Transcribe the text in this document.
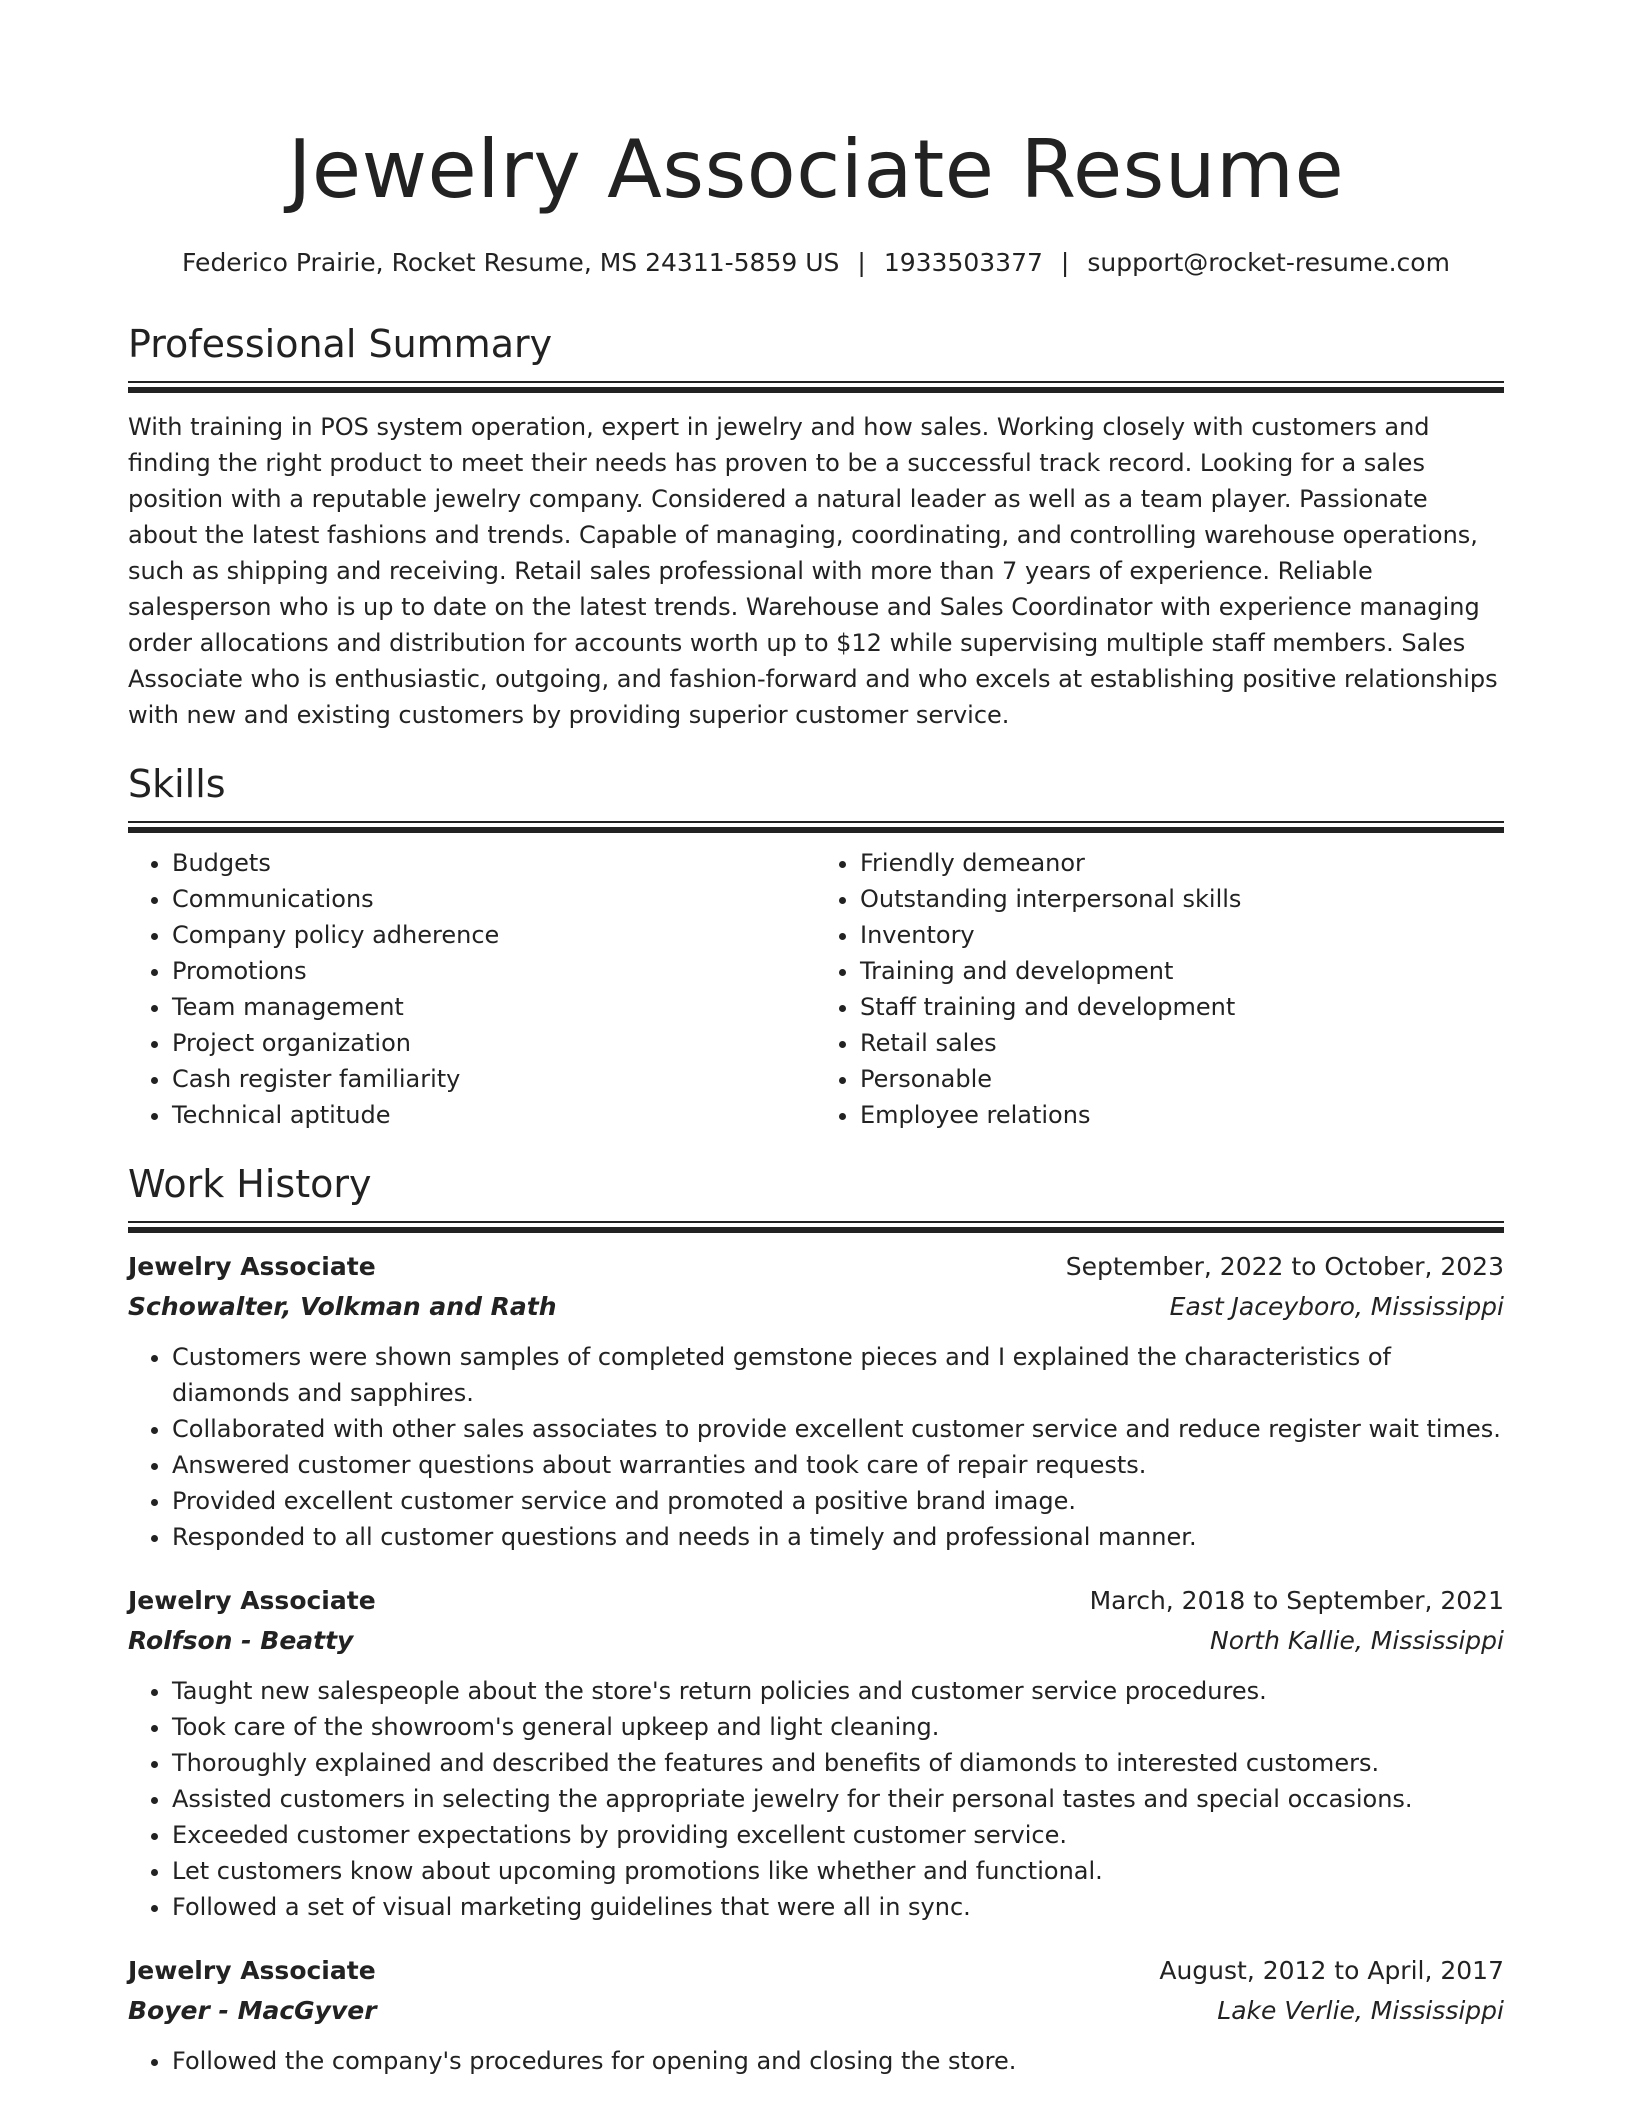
Jewelry Associate Resume
Federico Prairie, Rocket Resume, MS 24311-5859 US | 1933503377 | support@rocket-resume.com
Professional Summary

With training in POS system operation, expert in jewelry and how sales. Working closely with customers and finding the right product to meet their needs has proven to be a successful track record. Looking for a sales position with a reputable jewelry company. Considered a natural leader as well as a team player. Passionate about the latest fashions and trends. Capable of managing, coordinating, and controlling warehouse operations, such as shipping and receiving. Retail sales professional with more than 7 years of experience. Reliable salesperson who is up to date on the latest trends. Warehouse and Sales Coordinator with experience managing order allocations and distribution for accounts worth up to $12 while supervising multiple staff members. Sales Associate who is enthusiastic, outgoing, and fashion-forward and who excels at establishing positive relationships with new and existing customers by providing superior customer service.

Skills
• Budgets
• Communications
• Company policy adherence
• Promotions
• Team management
• Project organization
• Cash register familiarity
• Technical aptitude
• Friendly demeanor
• Outstanding interpersonal skills
• Inventory
• Training and development
• Staff training and development
• Retail sales
• Personable
• Employee relations
Work History
Jewelry Associate	September, 2022 to October, 2023
Schowalter, Volkman and Rath	East Jaceyboro, Mississippi
• Customers were shown samples of completed gemstone pieces and I explained the characteristics of diamonds and sapphires.
• Collaborated with other sales associates to provide excellent customer service and reduce register wait times.
• Answered customer questions about warranties and took care of repair requests.
• Provided excellent customer service and promoted a positive brand image.
• Responded to all customer questions and needs in a timely and professional manner.
Jewelry Associate	March, 2018 to September, 2021
Rolfson - Beatty	North Kallie, Mississippi
• Taught new salespeople about the store's return policies and customer service procedures.
• Took care of the showroom's general upkeep and light cleaning.
• Thoroughly explained and described the features and benefits of diamonds to interested customers.
• Assisted customers in selecting the appropriate jewelry for their personal tastes and special occasions.
• Exceeded customer expectations by providing excellent customer service.
• Let customers know about upcoming promotions like whether and functional.
• Followed a set of visual marketing guidelines that were all in sync.
Jewelry Associate	August, 2012 to April, 2017
Boyer - MacGyver	Lake Verlie, Mississippi
• Followed the company's procedures for opening and closing the store.
